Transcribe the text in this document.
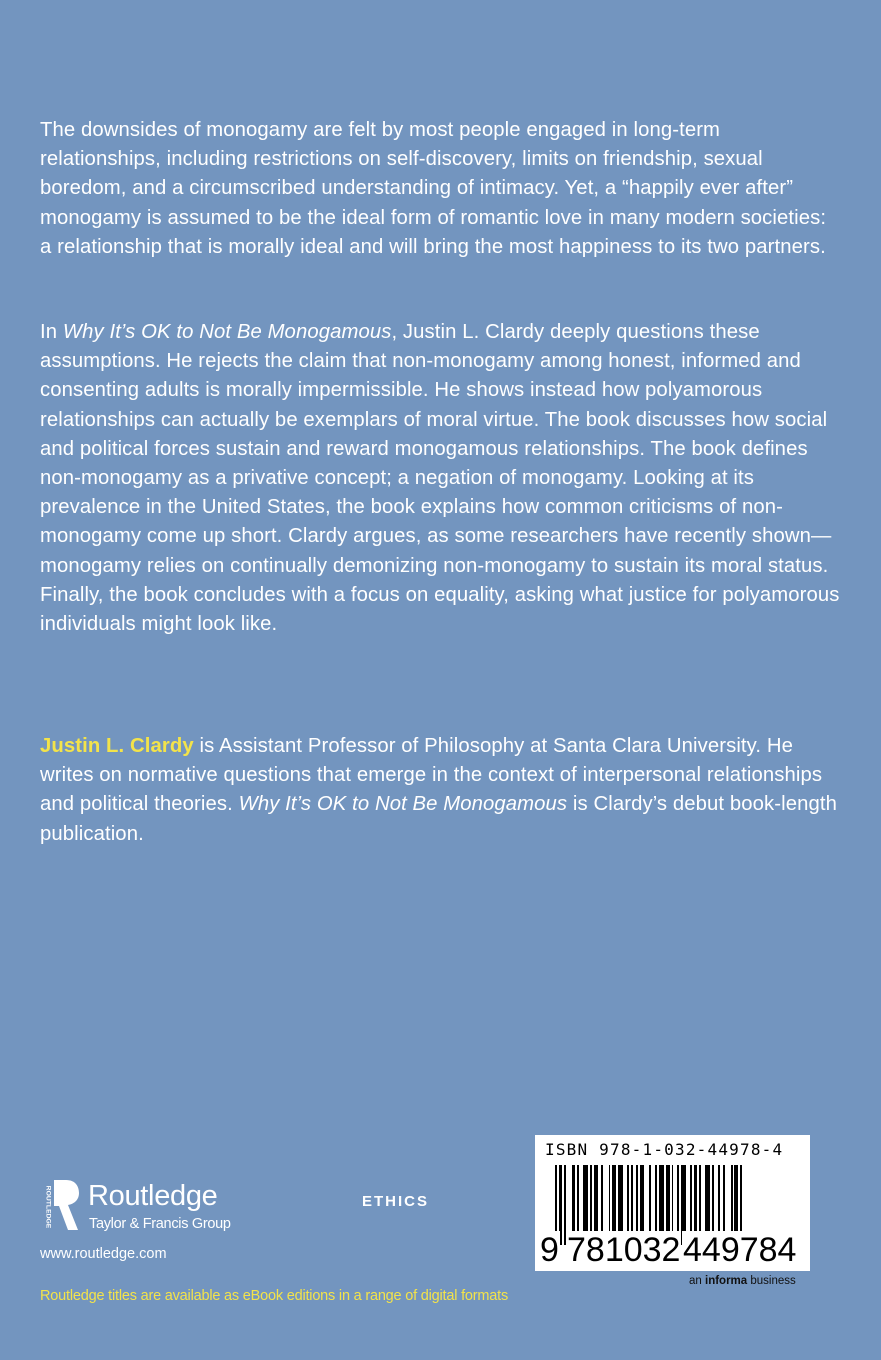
The downsides of monogamy are felt by most people engaged in long-term relationships, including restrictions on self-discovery, limits on friendship, sexual boredom, and a circumscribed understanding of intimacy. Yet, a “happily ever after” monogamy is assumed to be the ideal form of romantic love in many modern societies: a relationship that is morally ideal and will bring the most happiness to its two partners.

In Why It’s OK to Not Be Monogamous, Justin L. Clardy deeply questions these assumptions. He rejects the claim that non-monogamy among honest, informed and consenting adults is morally impermissible. He shows instead how polyamorous relationships can actually be exemplars of moral virtue. The book discusses how social and political forces sustain and reward monogamous relationships. The book defines non-monogamy as a privative concept; a negation of monogamy. Looking at its prevalence in the United States, the book explains how common criticisms of non-monogamy come up short. Clardy argues, as some researchers have recently shown—monogamy relies on continually demonizing non-monogamy to sustain its moral status. Finally, the book concludes with a focus on equality, asking what justice for polyamorous individuals might look like.

Justin L. Clardy is Assistant Professor of Philosophy at Santa Clara University. He writes on normative questions that emerge in the context of interpersonal relationships and political theories. Why It’s OK to Not Be Monogamous is Clardy’s debut book-length publication.

ROUTLEDGE Routledge
Taylor & Francis Group
www.routledge.com
ETHICS
ISBN 978-1-032-44978-4
9 781032 449784
an informa business
Routledge titles are available as eBook editions in a range of digital formats
